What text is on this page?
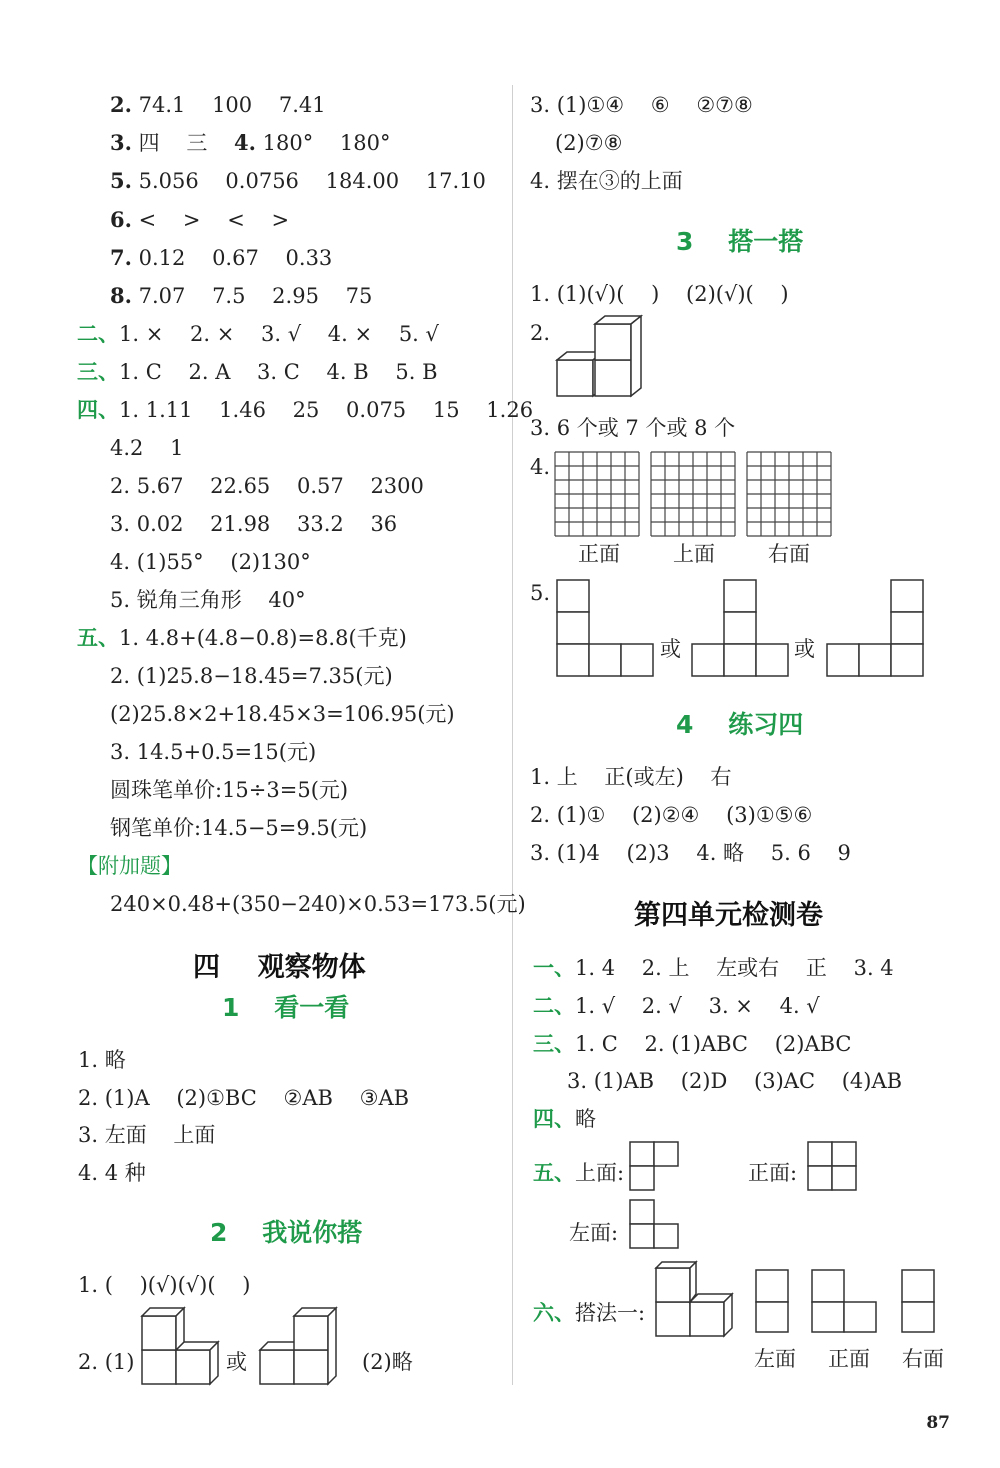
2. 74.1    100    7.41
3. 四    三    4. 180°    180°
5. 5.056    0.0756    184.00    17.10
6. <    >    <    >
7. 0.12    0.67    0.33
8. 7.07    7.5    2.95    75
二、1. ×    2. ×    3. √    4. ×    5. √
三、1. C    2. A    3. C    4. B    5. B
四、1. 1.11    1.46    25    0.075    15    1.26
4.2    1
2. 5.67    22.65    0.57    2300
3. 0.02    21.98    33.2    36
4. (1)55°    (2)130°
5. 锐角三角形    40°
五、1. 4.8+(4.8−0.8)=8.8(千克)
2. (1)25.8−18.45=7.35(元)
(2)25.8×2+18.45×3=106.95(元)
3. 14.5+0.5=15(元)
圆珠笔单价:15÷3=5(元)
钢笔单价:14.5−5=9.5(元)
【附加题】
240×0.48+(350−240)×0.53=173.5(元)
四    观察物体
1    看一看
1. 略
2. (1)A    (2)①BC    ②AB    ③AB
3. 左面    上面
4. 4 种
2    我说你搭
1. (    )(√)(√)(    )
2. (1)	或	(2)略
3. (1)①④    ⑥    ②⑦⑧
(2)⑦⑧
4. 摆在③的上面
3    搭一搭
1. (1)(√)(    )    (2)(√)(    )
2.
3. 6 个或 7 个或 8 个
4.
正面	上面	右面
5.
或	或
4    练习四
1. 上    正(或左)    右
2. (1)①    (2)②④    (3)①⑤⑥
3. (1)4    (2)3    4. 略    5. 6    9
第四单元检测卷
一、1. 4    2. 上    左或右    正    3. 4
二、1. √    2. √    3. ×    4. √
三、1. C    2. (1)ABC    (2)ABC
3. (1)AB    (2)D    (3)AC    (4)AB
四、略
五、上面:	正面:
左面:
六、搭法一:
左面 正面 右面
87
